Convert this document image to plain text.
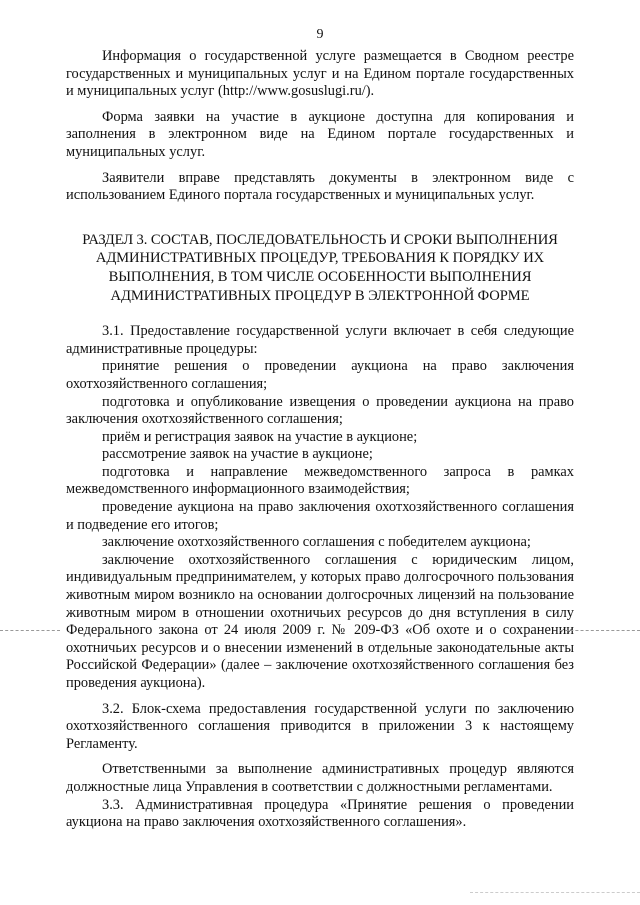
9

Информация о государственной услуге размещается в Сводном реестре государственных и муниципальных услуг и на Едином портале государственных и муниципальных услуг (http://www.gosuslugi.ru/).

Форма заявки на участие в аукционе доступна для копирования и заполнения в электронном виде на Едином портале государственных и муниципальных услуг.

Заявители вправе представлять документы в электронном виде с использованием Единого портала государственных и муниципальных услуг.

РАЗДЕЛ 3. СОСТАВ, ПОСЛЕДОВАТЕЛЬНОСТЬ И СРОКИ ВЫПОЛНЕНИЯ АДМИНИСТРАТИВНЫХ ПРОЦЕДУР, ТРЕБОВАНИЯ К ПОРЯДКУ ИХ ВЫПОЛНЕНИЯ, В ТОМ ЧИСЛЕ ОСОБЕННОСТИ ВЫПОЛНЕНИЯ АДМИНИСТРАТИВНЫХ ПРОЦЕДУР В ЭЛЕКТРОННОЙ ФОРМЕ

3.1. Предоставление государственной услуги включает в себя следующие административные процедуры:

принятие решения о проведении аукциона на право заключения охотхозяйственного соглашения;

подготовка и опубликование извещения о проведении аукциона на право заключения охотхозяйственного соглашения;

приём и регистрация заявок на участие в аукционе;

рассмотрение заявок на участие в аукционе;

подготовка и направление межведомственного запроса в рамках межведомственного информационного взаимодействия;

проведение аукциона на право заключения охотхозяйственного соглашения и подведение его итогов;

заключение охотхозяйственного соглашения с победителем аукциона;

заключение охотхозяйственного соглашения с юридическим лицом, индивидуальным предпринимателем, у которых право долгосрочного пользования животным миром возникло на основании долгосрочных лицензий на пользование животным миром в отношении охотничьих ресурсов до дня вступления в силу Федерального закона от 24 июля 2009 г. № 209-ФЗ «Об охоте и о сохранении охотничьих ресурсов и о внесении изменений в отдельные законодательные акты Российской Федерации» (далее – заключение охотхозяйственного соглашения без проведения аукциона).

3.2. Блок-схема предоставления государственной услуги по заключению охотхозяйственного соглашения приводится в приложении 3 к настоящему Регламенту.

Ответственными за выполнение административных процедур являются должностные лица Управления в соответствии с должностными регламентами.

3.3. Административная процедура «Принятие решения о проведении аукциона на право заключения охотхозяйственного соглашения».
